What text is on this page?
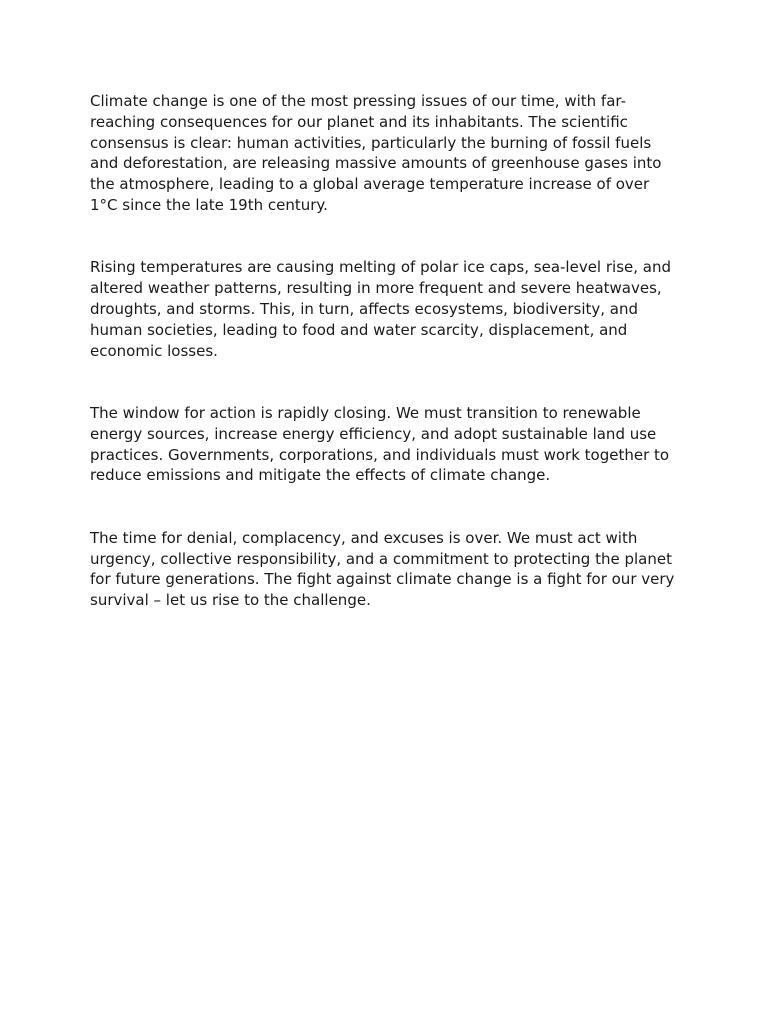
Climate change is one of the most pressing issues of our time, with far-
reaching consequences for our planet and its inhabitants. The scientific
consensus is clear: human activities, particularly the burning of fossil fuels
and deforestation, are releasing massive amounts of greenhouse gases into
the atmosphere, leading to a global average temperature increase of over
1°C since the late 19th century.

Rising temperatures are causing melting of polar ice caps, sea-level rise, and
altered weather patterns, resulting in more frequent and severe heatwaves,
droughts, and storms. This, in turn, affects ecosystems, biodiversity, and
human societies, leading to food and water scarcity, displacement, and
economic losses.

The window for action is rapidly closing. We must transition to renewable
energy sources, increase energy efficiency, and adopt sustainable land use
practices. Governments, corporations, and individuals must work together to
reduce emissions and mitigate the effects of climate change.

The time for denial, complacency, and excuses is over. We must act with
urgency, collective responsibility, and a commitment to protecting the planet
for future generations. The fight against climate change is a fight for our very
survival – let us rise to the challenge.
